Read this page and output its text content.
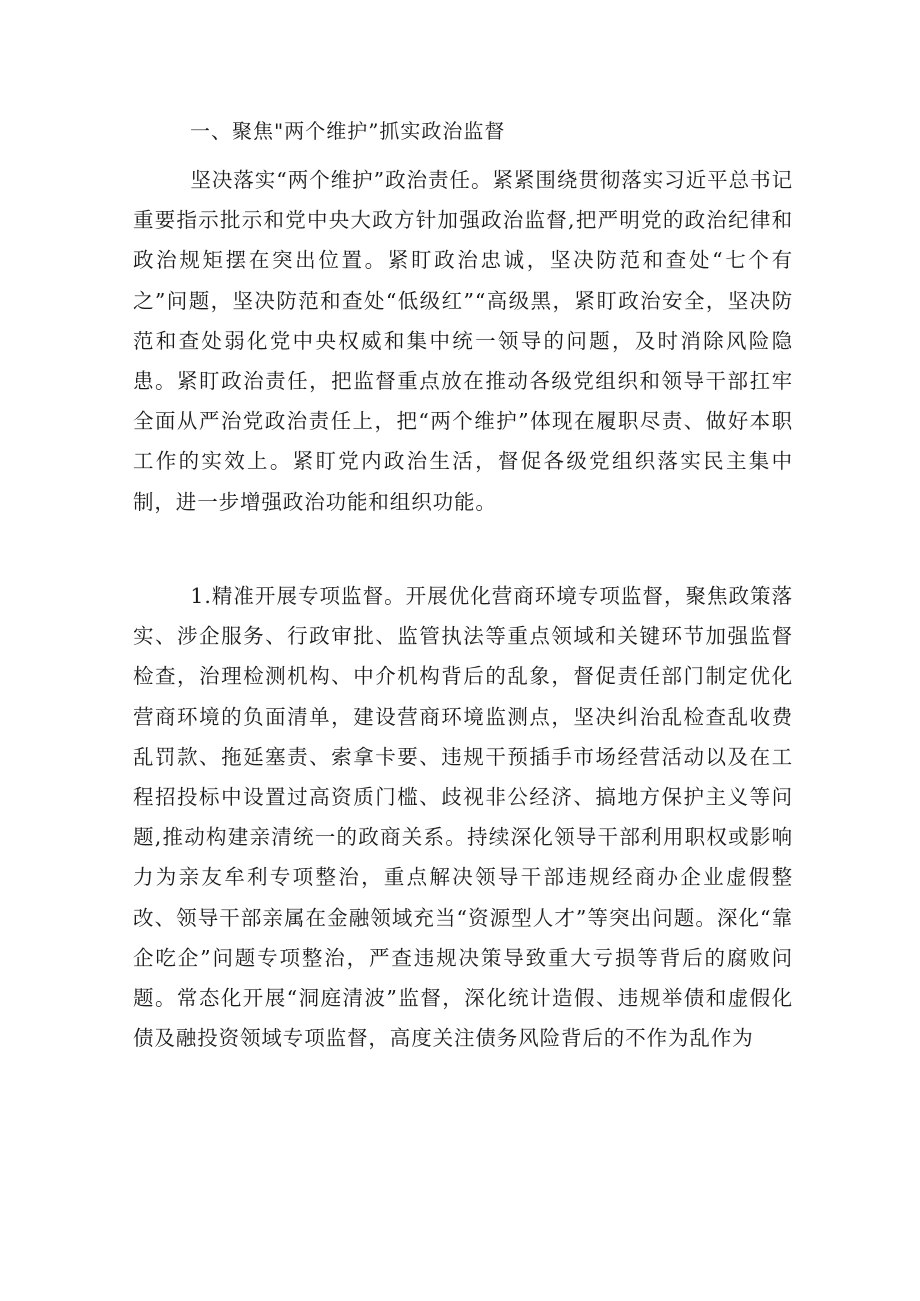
一、聚焦"两个维护”抓实政治监督

坚决落实“两个维护”政治责任。紧紧围绕贯彻落实习近平总书记重要指示批示和党中央大政方针加强政治监督,把严明党的政治纪律和政治规矩摆在突出位置。紧盯政治忠诚，坚决防范和查处“七个有之”问题，坚决防范和查处“低级红”“高级黑，紧盯政治安全，坚决防范和查处弱化党中央权威和集中统一领导的问题，及时消除风险隐患。紧盯政治责任，把监督重点放在推动各级党组织和领导干部扛牢全面从严治党政治责任上，把“两个维护”体现在履职尽责、做好本职工作的实效上。紧盯党内政治生活，督促各级党组织落实民主集中制，进一步增强政治功能和组织功能。

1.精准开展专项监督。开展优化营商环境专项监督，聚焦政策落实、涉企服务、行政审批、监管执法等重点领域和关键环节加强监督检查，治理检测机构、中介机构背后的乱象，督促责任部门制定优化营商环境的负面清单，建设营商环境监测点，坚决纠治乱检查乱收费乱罚款、拖延塞责、索拿卡要、违规干预插手市场经营活动以及在工程招投标中设置过高资质门槛、歧视非公经济、搞地方保护主义等问题,推动构建亲清统一的政商关系。持续深化领导干部利用职权或影响力为亲友牟利专项整治，重点解决领导干部违规经商办企业虚假整改、领导干部亲属在金融领域充当“资源型人才”等突出问题。深化“靠企吃企”问题专项整治，严查违规决策导致重大亏损等背后的腐败问题。常态化开展“洞庭清波”监督，深化统计造假、违规举债和虚假化债及融投资领域专项监督，高度关注债务风险背后的不作为乱作为
